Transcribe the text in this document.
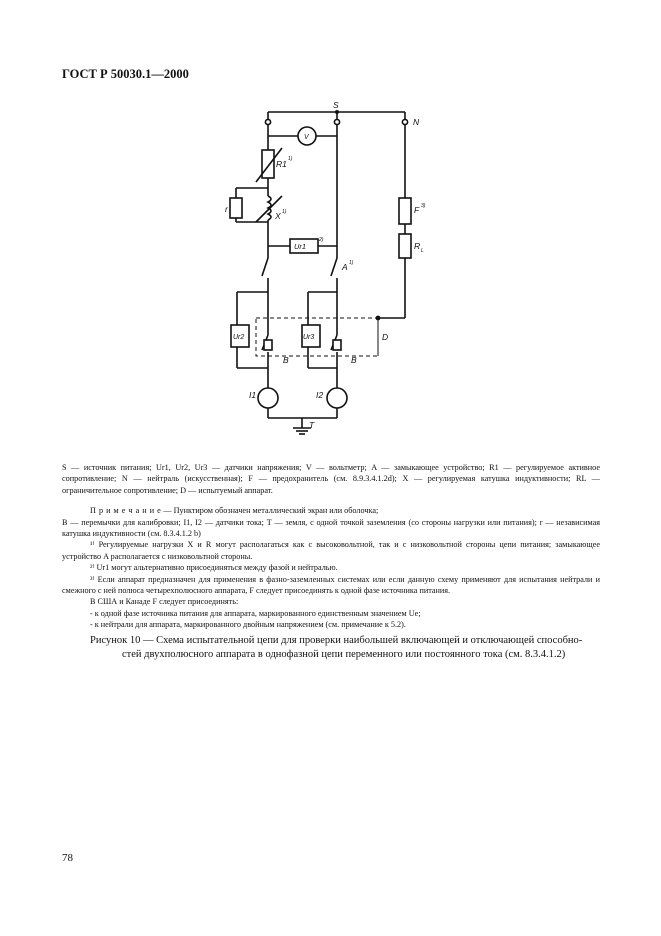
ГОСТ Р 50030.1—2000
S
N
V
R1 1)
X 1)
r
Ur1
2)
A 1)
F 3)
R L
Ur2	Ur3	D
B	B
I1	I2
T

S — источник питания; Ur1, Ur2, Ur3 — датчики напряжения; V — вольтметр; A — замыкающее устройство; R1 — регулируемое активное сопротивление; N — нейтраль (искусственная); F — предохранитель (см. 8.9.3.4.1.2d); X — регулируемая катушка индуктивности; RL — ограничительное сопротивление; D — испытуемый аппарат.

П р и м е ч а н и е — Пунктиром обозначен металлический экран или оболочка;

B — перемычки для калибровки; I1, I2 — датчики тока; T — земля, с одной точкой заземления (со стороны нагрузки или питания); r — независимая катушка индуктивности (см. 8.3.4.1.2 b)

¹⁾ Регулируемые нагрузки X и R могут располагаться как с высоковольтной, так и с низковольтной стороны цепи питания; замыкающее устройство A располагается с низковольтной стороны.

²⁾ Ur1 могут альтернативно присоединяться между фазой и нейтралью.

³⁾ Если аппарат предназначен для применения в фазно-заземленных системах или если данную схему применяют для испытания нейтрали и смежного с ней полюса четырехполюсного аппарата, F следует присоединять к одной фазе источника питания.

В США и Канаде F следует присоединять:

- к одной фазе источника питания для аппарата, маркированного единственным значением Ue;

- к нейтрали для аппарата, маркированного двойным напряжением (см. примечание к 5.2).

Рисунок 10 — Схема испытательной цепи для проверки наибольшей включающей и отключающей способно-

стей двухполюсного аппарата в однофазной цепи переменного или постоянного тока (см. 8.3.4.1.2)

78
